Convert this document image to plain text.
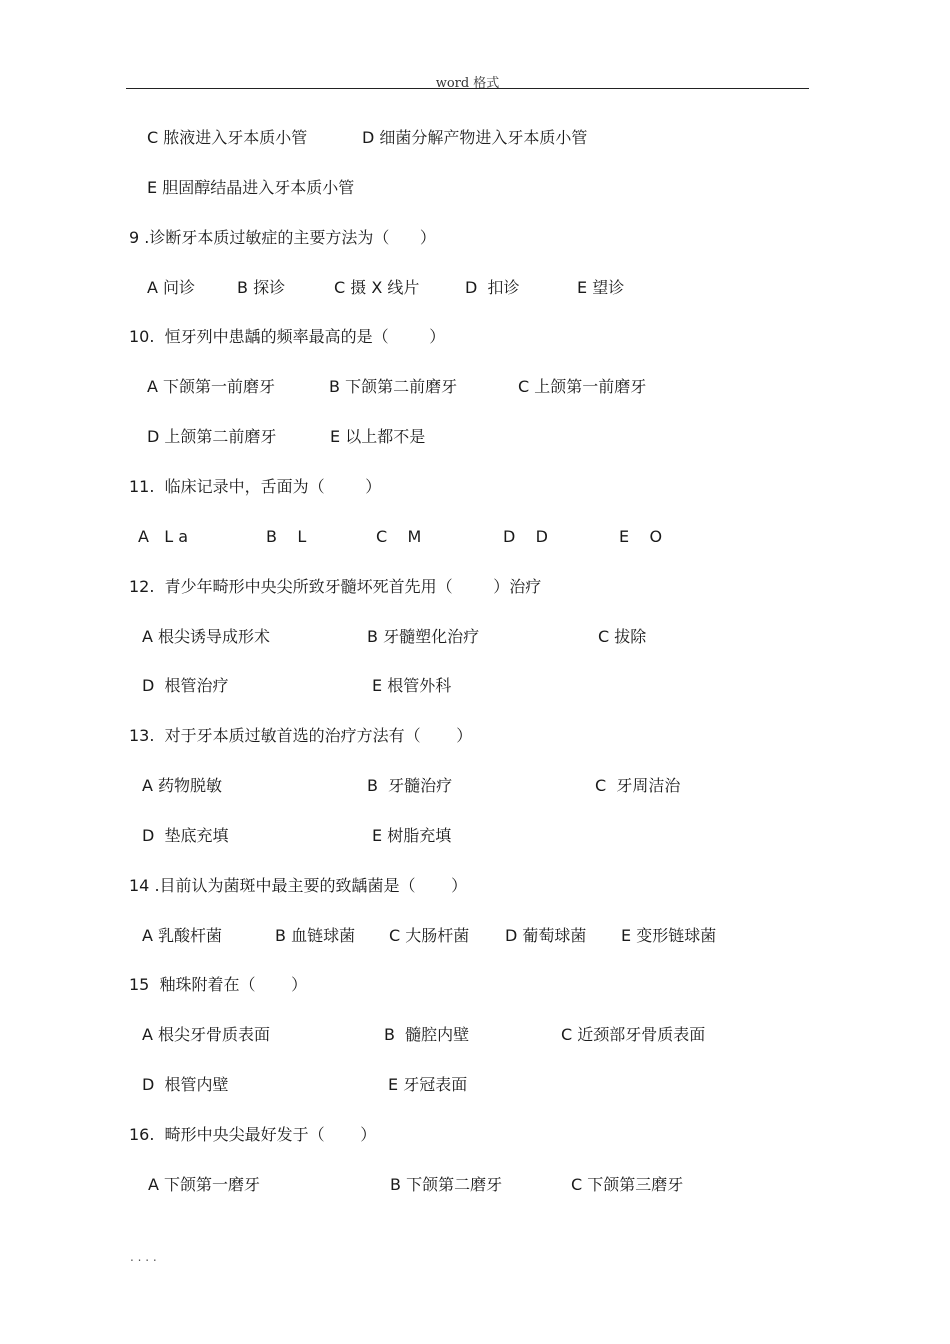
word 格式
C 脓液进入牙本质小管	D 细菌分解产物进入牙本质小管
E 胆固醇结晶进入牙本质小管
9 .诊断牙本质过敏症的主要方法为（      ）
A 问诊	B 探诊	C 摄 X 线片	D  扣诊	E 望诊
10.  恒牙列中患龋的频率最高的是（        ）
A 下颌第一前磨牙	B 下颌第二前磨牙	C 上颌第一前磨牙
D 上颌第二前磨牙	E 以上都不是
11.  临床记录中，舌面为（        ）
A   L a	B    L	C    M	D    D	E    O
12.  青少年畸形中央尖所致牙髓坏死首先用（        ）治疗
A 根尖诱导成形术	B 牙髓塑化治疗	C 拔除
D  根管治疗	E 根管外科
13.  对于牙本质过敏首选的治疗方法有（       ）
A 药物脱敏	B  牙髓治疗	C  牙周洁治
D  垫底充填	E 树脂充填
14 .目前认为菌斑中最主要的致龋菌是（       ）
A 乳酸杆菌	B 血链球菌 C 大肠杆菌 D 葡萄球菌 E 变形链球菌
15  釉珠附着在（       ）
A 根尖牙骨质表面	B  髓腔内壁	C 近颈部牙骨质表面
D  根管内壁	E 牙冠表面
16.  畸形中央尖最好发于（       ）
A 下颌第一磨牙	B 下颌第二磨牙	C 下颌第三磨牙
. . . .
